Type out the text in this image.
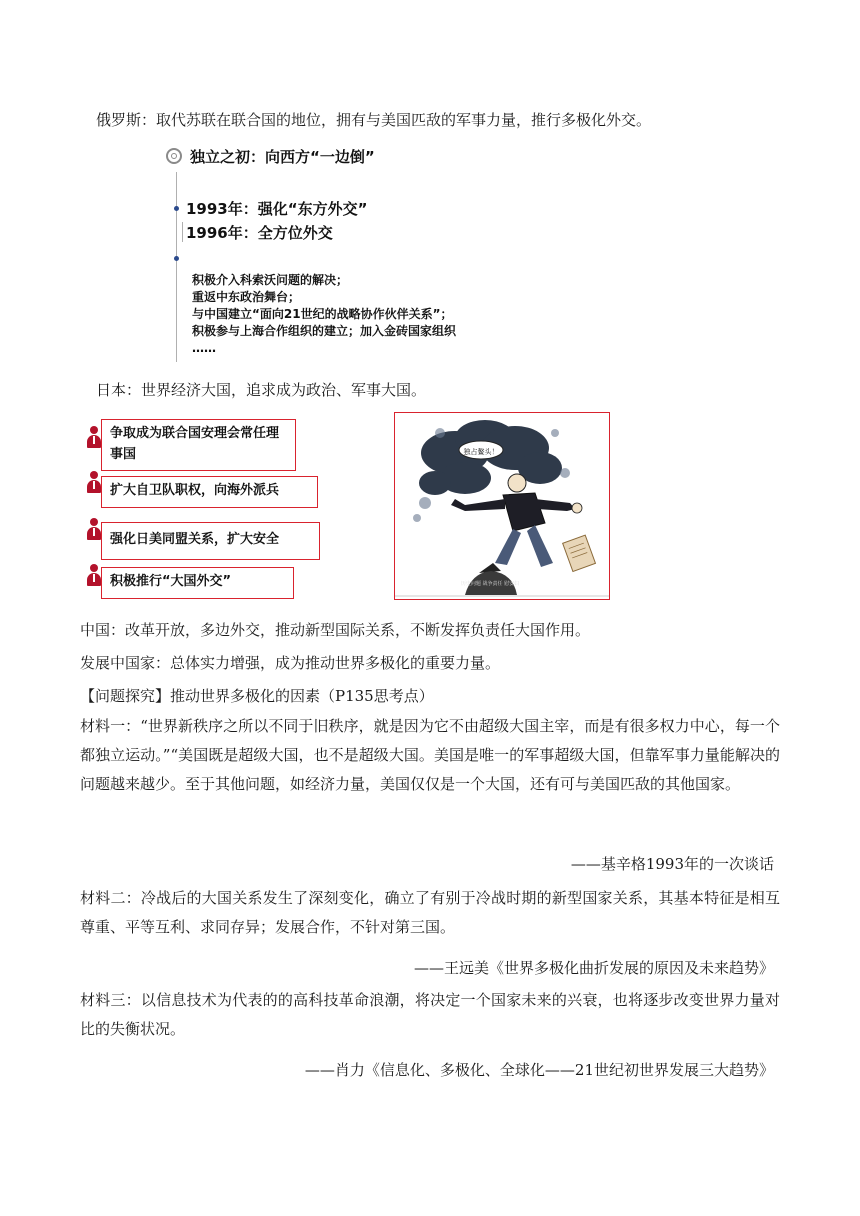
俄罗斯：取代苏联在联合国的地位，拥有与美国匹敌的军事力量，推行多极化外交。
独立之初：向西方“一边倒”
1993年：强化“东方外交”
1996年：全方位外交
积极介入科索沃问题的解决；
重返中东政治舞台；
与中国建立“面向21世纪的战略协作伙伴关系”；
积极参与上海合作组织的建立；加入金砖国家组织
……
日本：世界经济大国，追求成为政治、军事大国。
争取成为联合国安理会常任理事国
扩大自卫队职权，向海外派兵
强化日美同盟关系，扩大安全
积极推行“大国外交”
独占鳌头！
历史问题 战争责任 慰安妇
中国：改革开放，多边外交，推动新型国际关系，不断发挥负责任大国作用。
发展中国家：总体实力增强，成为推动世界多极化的重要力量。
【问题探究】推动世界多极化的因素（P135思考点）
材料一：“世界新秩序之所以不同于旧秩序，就是因为它不由超级大国主宰，而是有很多权力中心，每一个都独立运动。”“美国既是超级大国，也不是超级大国。美国是唯一的军事超级大国，但靠军事力量能解决的问题越来越少。至于其他问题，如经济力量，美国仅仅是一个大国，还有可与美国匹敌的其他国家。
——基辛格1993年的一次谈话
材料二：冷战后的大国关系发生了深刻变化，确立了有别于冷战时期的新型国家关系，其基本特征是相互尊重、平等互利、求同存异；发展合作，不针对第三国。
——王远美《世界多极化曲折发展的原因及未来趋势》
材料三：以信息技术为代表的的高科技革命浪潮，将决定一个国家未来的兴衰，也将逐步改变世界力量对比的失衡状况。
——肖力《信息化、多极化、全球化——21世纪初世界发展三大趋势》
